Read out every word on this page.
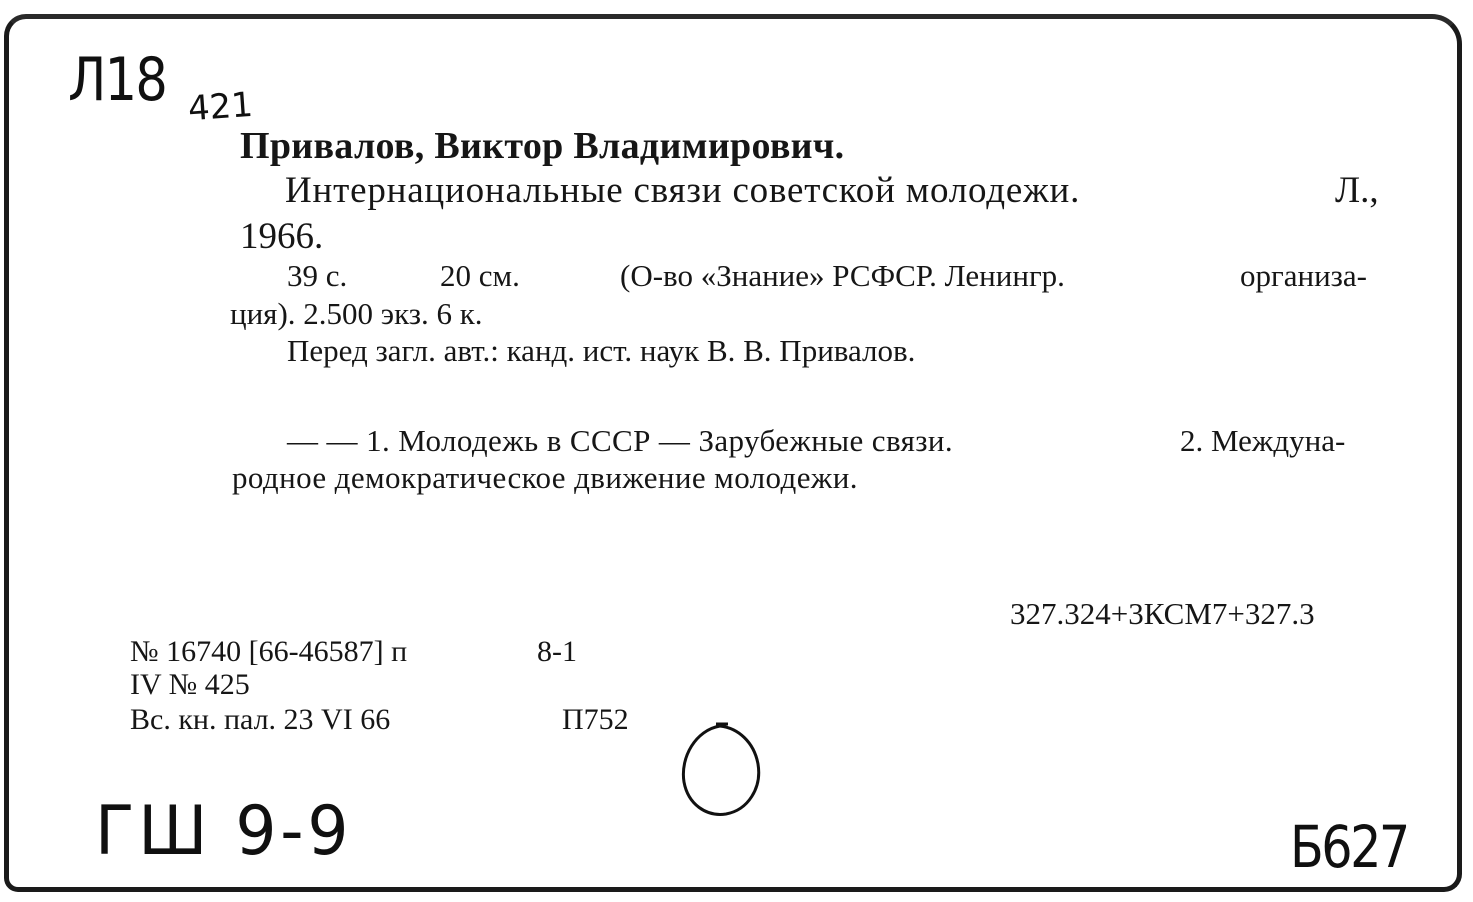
Л18 421
Привалов, Виктор Владимирович.
Интернациональные связи советской молодежи.	Л.,
1966.
39 с.	20 см.	(О-во «Знание» РСФСР. Ленингр.	организа-
ция). 2.500 экз. 6 к.
Перед загл. авт.: канд. ист. наук В. В. Привалов.
— — 1. Молодежь в СССР — Зарубежные связи.	2. Междуна-
родное демократическое движение молодежи.
327.324+3КСМ7+327.3
№ 16740 [66-46587] п	8-1
IV № 425
Вс. кн. пал. 23 VI 66	П752
ГШ 9-9	Б627
